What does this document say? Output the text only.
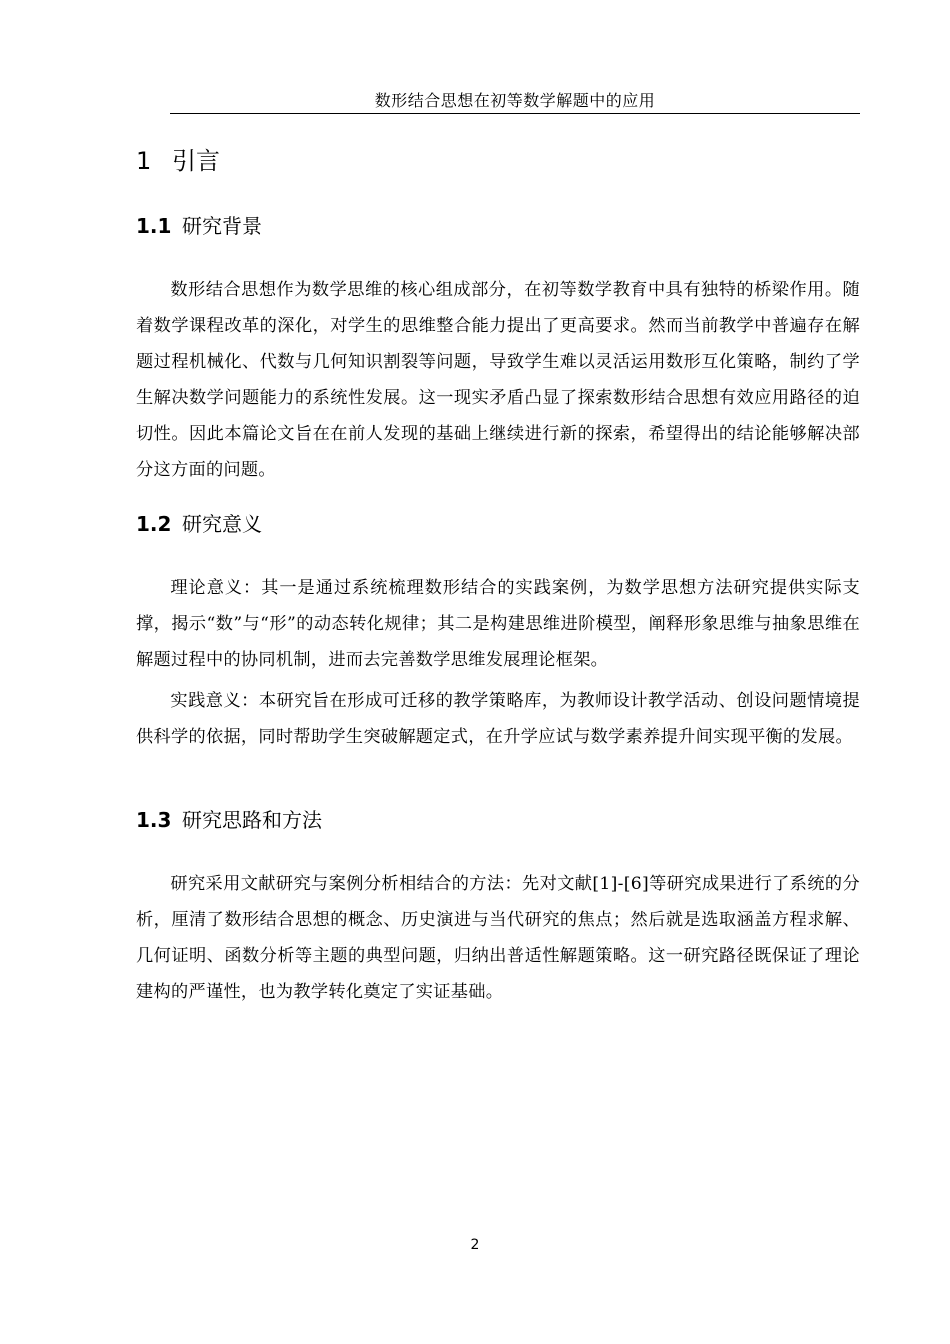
数形结合思想在初等数学解题中的应用
1 引言
1.1 研究背景

数形结合思想作为数学思维的核心组成部分，在初等数学教育中具有独特的桥梁作用。随着数学课程改革的深化，对学生的思维整合能力提出了更高要求。然而当前教学中普遍存在解题过程机械化、代数与几何知识割裂等问题，导致学生难以灵活运用数形互化策略，制约了学生解决数学问题能力的系统性发展。这一现实矛盾凸显了探索数形结合思想有效应用路径的迫切性。因此本篇论文旨在在前人发现的基础上继续进行新的探索，希望得出的结论能够解决部分这方面的问题。

1.2 研究意义

理论意义：其一是通过系统梳理数形结合的实践案例，为数学思想方法研究提供实际支撑，揭示“数”与“形”的动态转化规律；其二是构建思维进阶模型，阐释形象思维与抽象思维在解题过程中的协同机制，进而去完善数学思维发展理论框架。

实践意义：本研究旨在形成可迁移的教学策略库，为教师设计教学活动、创设问题情境提供科学的依据，同时帮助学生突破解题定式，在升学应试与数学素养提升间实现平衡的发展。

1.3 研究思路和方法

研究采用文献研究与案例分析相结合的方法：先对文献[1]-[6]等研究成果进行了系统的分析，厘清了数形结合思想的概念、历史演进与当代研究的焦点；然后就是选取涵盖方程求解、几何证明、函数分析等主题的典型问题，归纳出普适性解题策略。这一研究路径既保证了理论建构的严谨性，也为教学转化奠定了实证基础。

2
